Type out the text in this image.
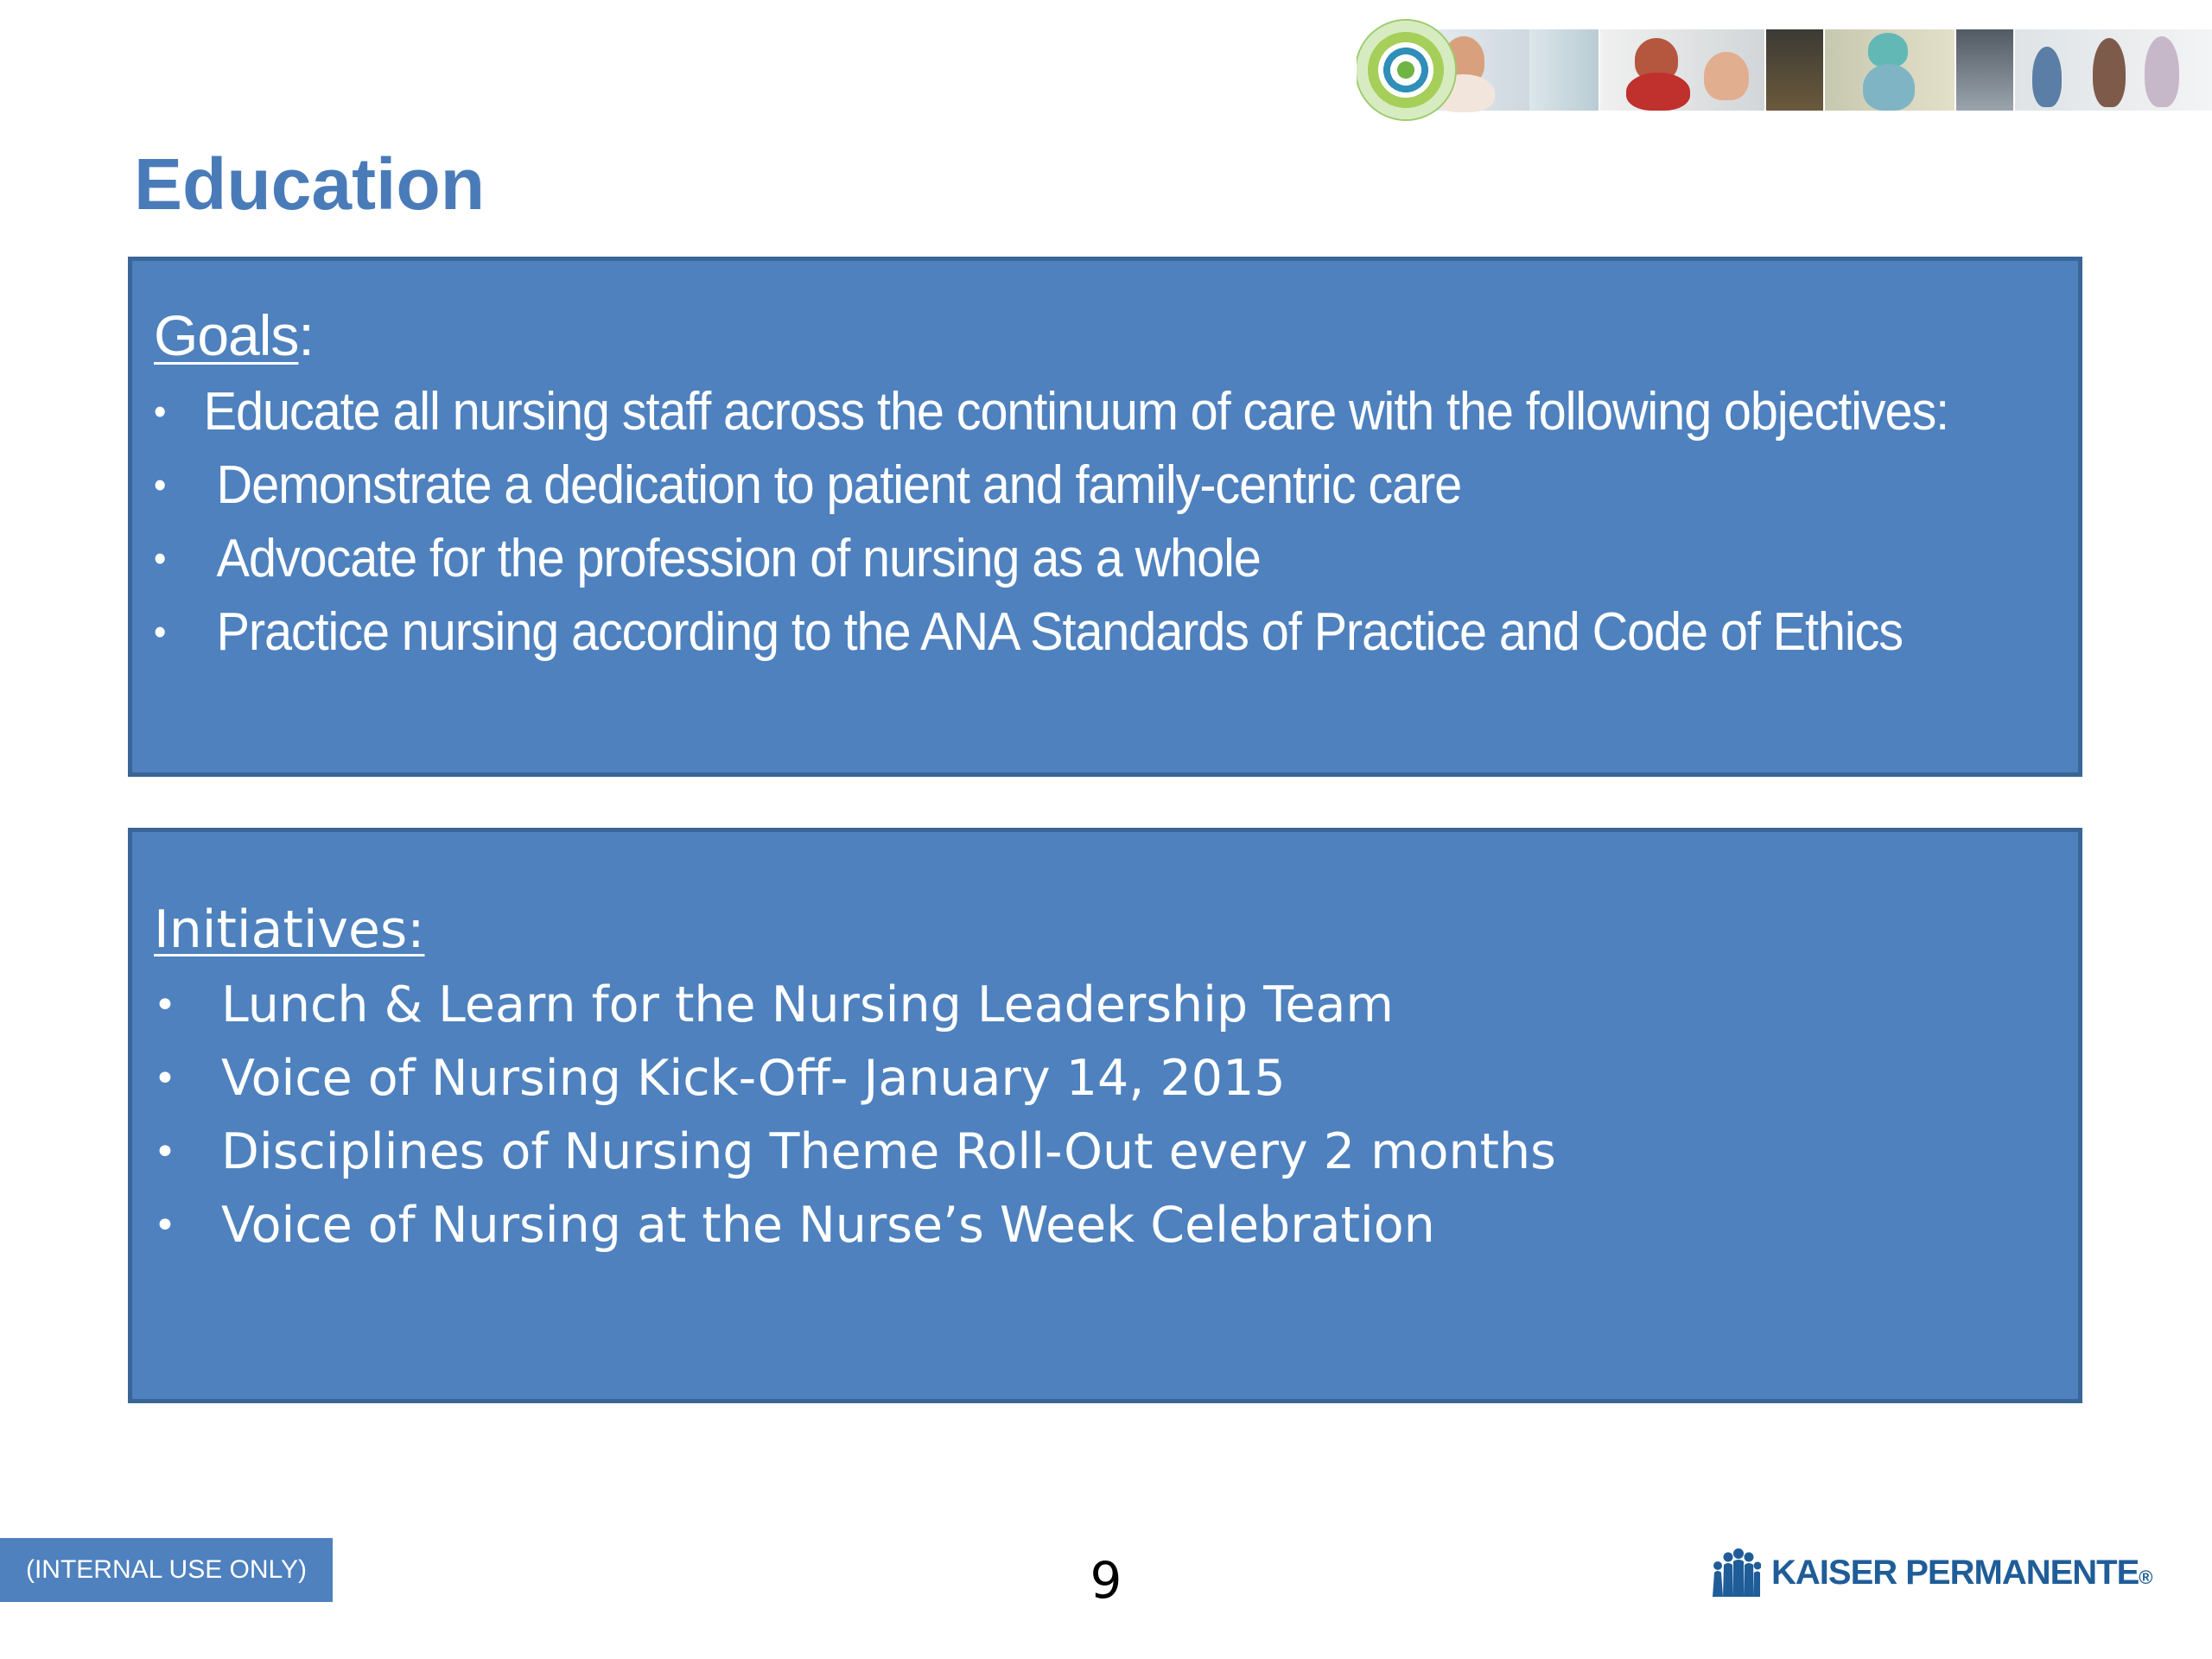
Education
Goals:
• Educate all nursing staff across the continuum of care with the following objectives:
• Demonstrate a dedication to patient and family-centric care
• Advocate for the profession of nursing as a whole
• Practice nursing according to the ANA Standards of Practice and Code of Ethics
Initiatives:
• Lunch & Learn for the Nursing Leadership Team
• Voice of Nursing Kick-Off- January 14, 2015
• Disciplines of Nursing Theme Roll-Out every 2 months
• Voice of Nursing at the Nurse’s Week Celebration
(INTERNAL USE ONLY)	9	KAISER PERMANENTE®
